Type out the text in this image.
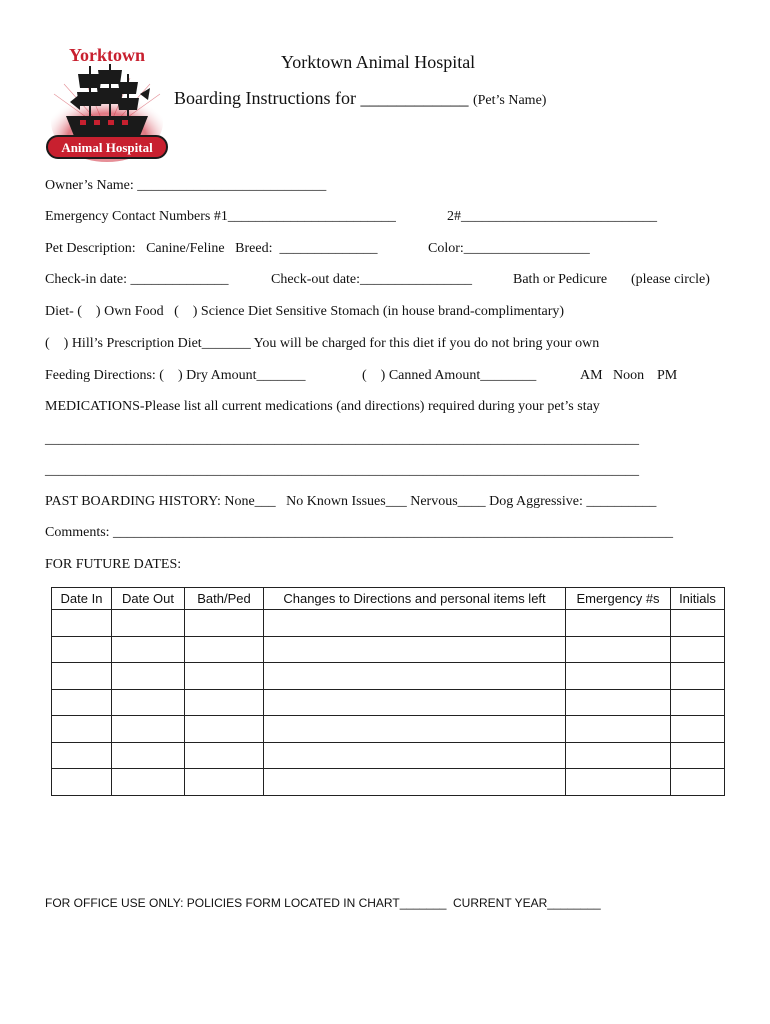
Yorktown
Animal Hospital
Yorktown Animal Hospital
Boarding Instructions for ____________ (Pet’s Name)
Owner’s Name: ___________________________
Emergency Contact Numbers #1________________________	2#____________________________
Pet Description:   Canine/Feline   Breed:  ______________	Color:__________________
Check-in date: ______________	Check-out date:________________	Bath or Pedicure (please circle)
Diet- (    ) Own Food   (    ) Science Diet Sensitive Stomach (in house brand-complimentary)
(    ) Hill’s Prescription Diet_______ You will be charged for this diet if you do not bring your own
Feeding Directions: (    ) Dry Amount_______	(    ) Canned Amount________	AM Noon PM
MEDICATIONS-Please list all current medications (and directions) required during your pet’s stay
________________________________________________________________________________________
________________________________________________________________________________________
PAST BOARDING HISTORY: None___   No Known Issues___ Nervous____ Dog Aggressive: __________
Comments: ________________________________________________________________________________
FOR FUTURE DATES:
Date In	Date Out	Bath/Ped	Changes to Directions and personal items left	Emergency #s	Initials

FOR OFFICE USE ONLY: POLICIES FORM LOCATED IN CHART_______ CURRENT YEAR________
